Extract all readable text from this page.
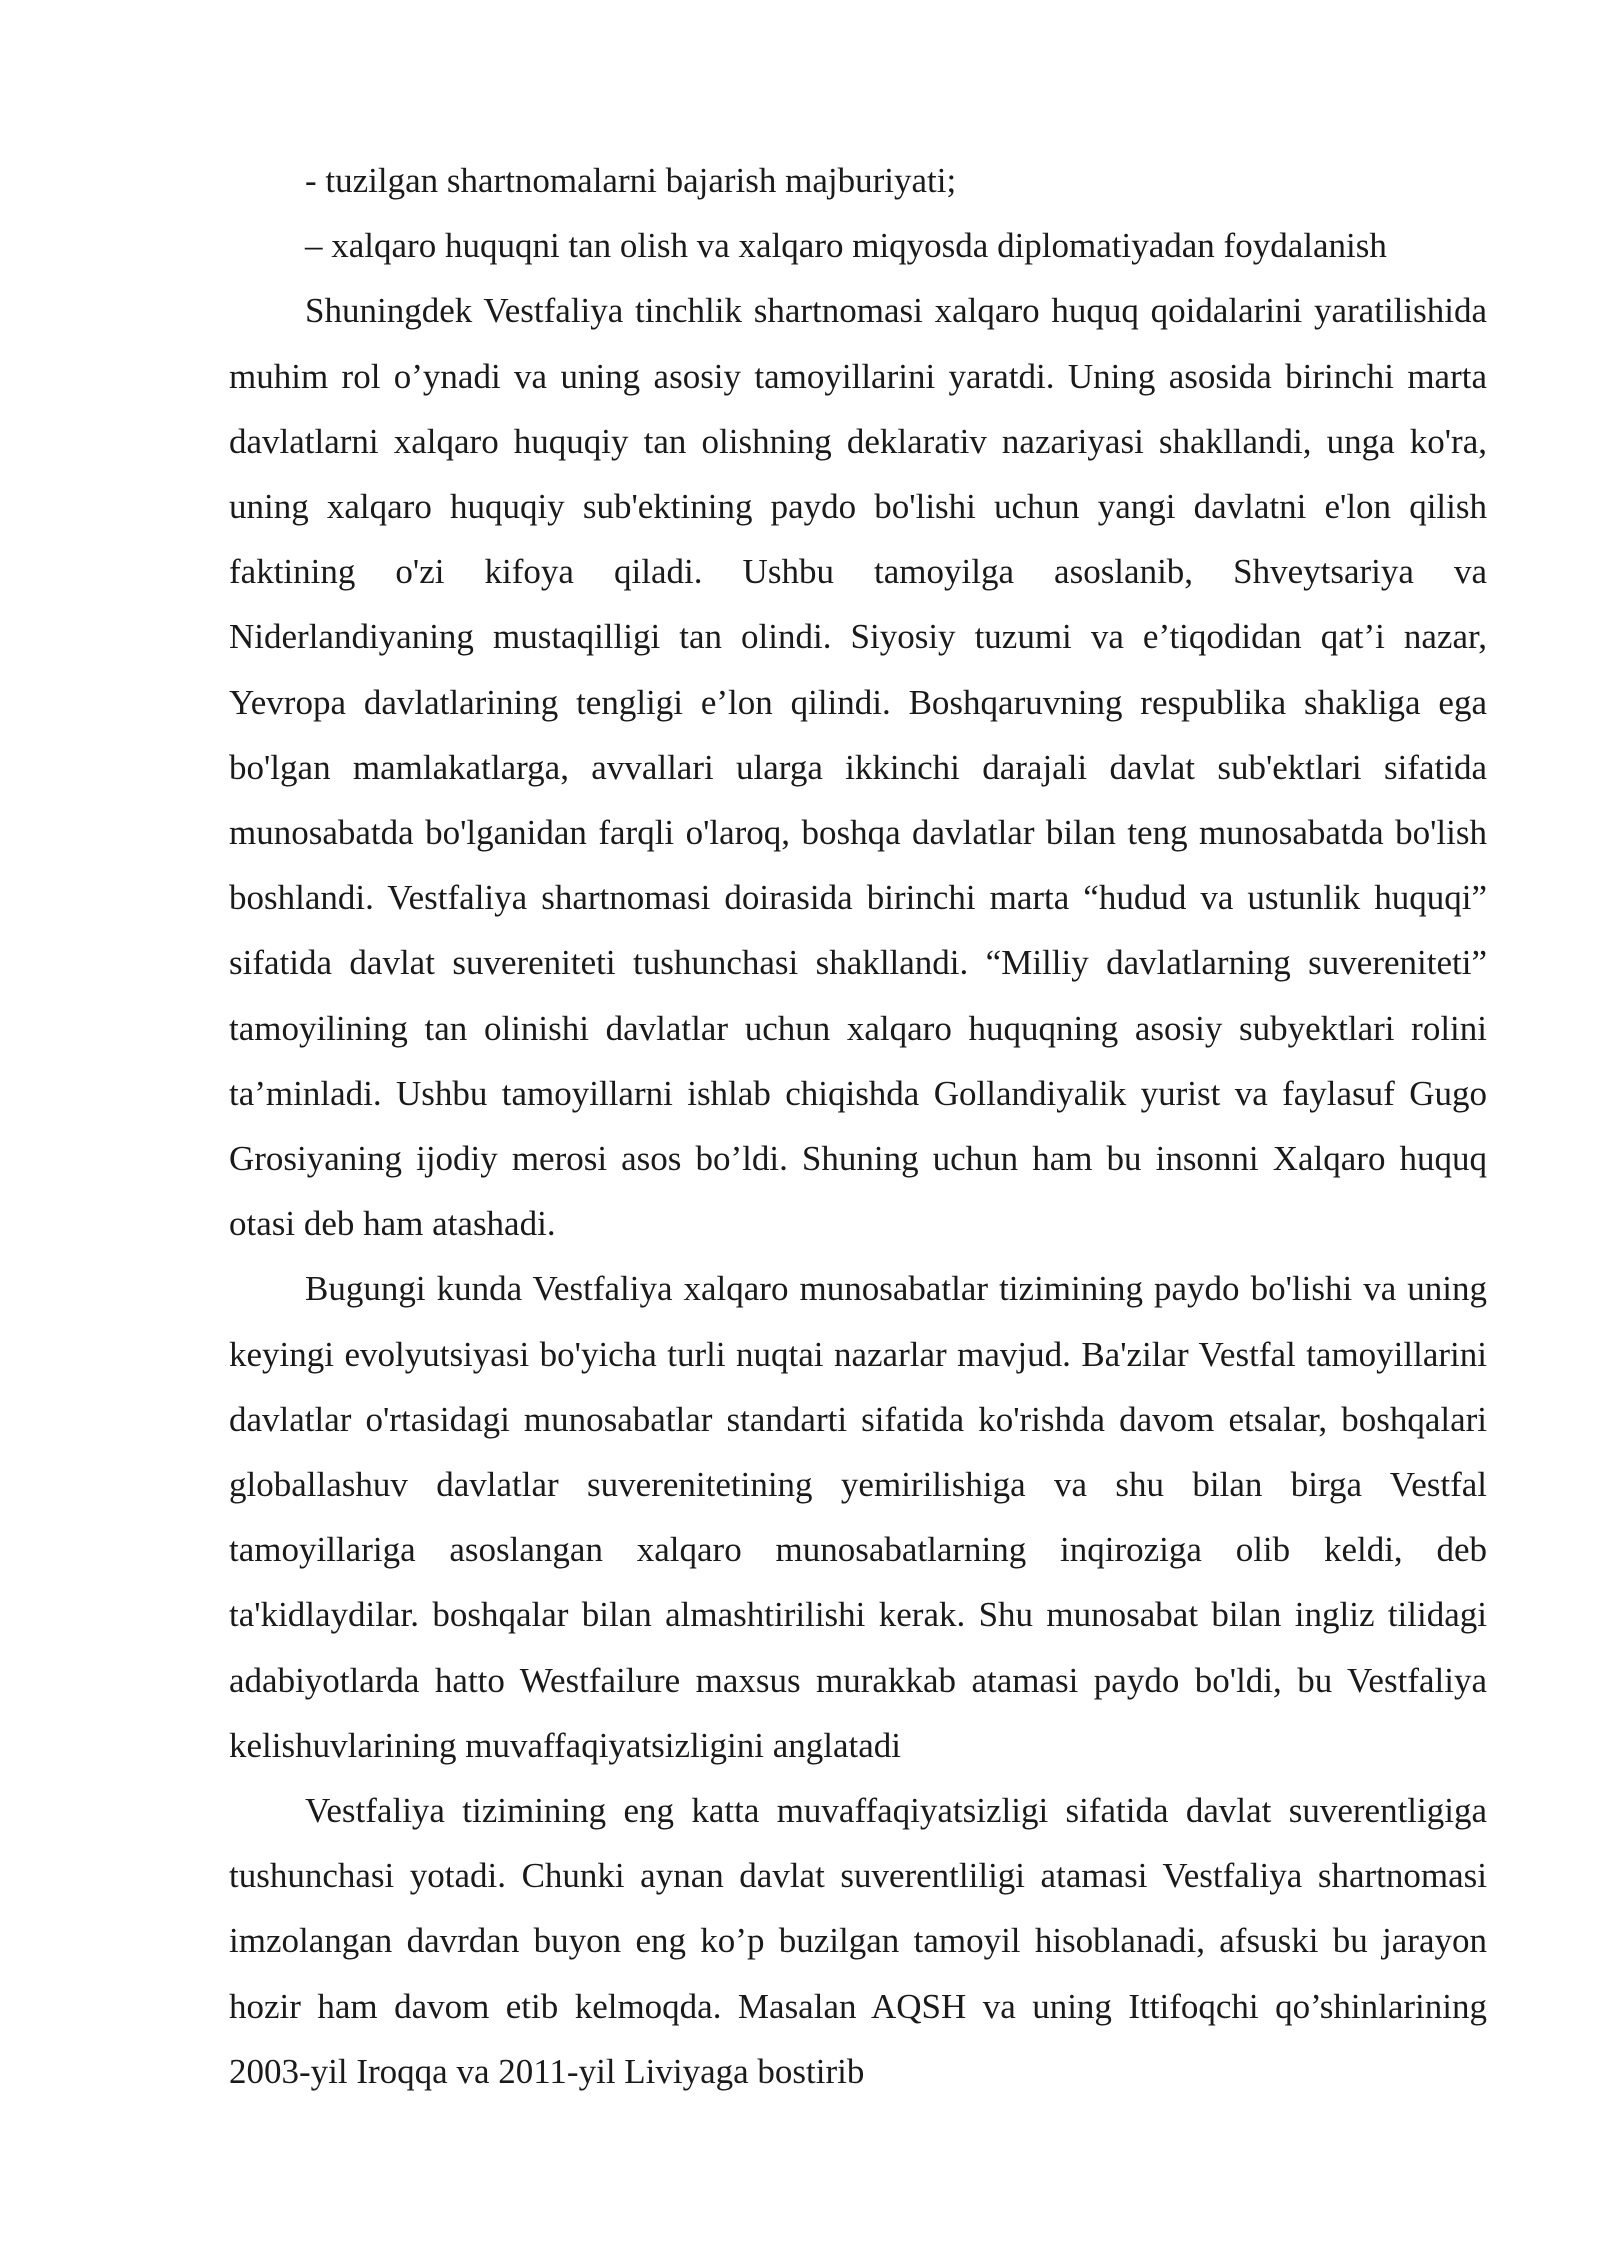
- tuzilgan shartnomalarni bajarish majburiyati;

– xalqaro huquqni tan olish va xalqaro miqyosda diplomatiyadan foydalanish

Shuningdek Vestfaliya tinchlik shartnomasi xalqaro huquq qoidalarini yaratilishida muhim rol o’ynadi va uning asosiy tamoyillarini yaratdi. Uning asosida birinchi marta davlatlarni xalqaro huquqiy tan olishning deklarativ nazariyasi shakllandi, unga ko'ra, uning xalqaro huquqiy sub'ektining paydo bo'lishi uchun yangi davlatni e'lon qilish faktining o'zi kifoya qiladi. Ushbu tamoyilga asoslanib, Shveytsariya va Niderlandiyaning mustaqilligi tan olindi. Siyosiy tuzumi va e’tiqodidan qat’i nazar, Yevropa davlatlarining tengligi e’lon qilindi. Boshqaruvning respublika shakliga ega bo'lgan mamlakatlarga, avvallari ularga ikkinchi darajali davlat sub'ektlari sifatida munosabatda bo'lganidan farqli o'laroq, boshqa davlatlar bilan teng munosabatda bo'lish boshlandi. Vestfaliya shartnomasi doirasida birinchi marta “hudud va ustunlik huquqi” sifatida davlat suvereniteti tushunchasi shakllandi. “Milliy davlatlarning suvereniteti” tamoyilining tan olinishi davlatlar uchun xalqaro huquqning asosiy subyektlari rolini ta’minladi. Ushbu tamoyillarni ishlab chiqishda Gollandiyalik yurist va faylasuf Gugo Grosiyaning ijodiy merosi asos bo’ldi. Shuning uchun ham bu insonni Xalqaro huquq otasi deb ham atashadi.

Bugungi kunda Vestfaliya xalqaro munosabatlar tizimining paydo bo'lishi va uning keyingi evolyutsiyasi bo'yicha turli nuqtai nazarlar mavjud. Ba'zilar Vestfal tamoyillarini davlatlar o'rtasidagi munosabatlar standarti sifatida ko'rishda davom etsalar, boshqalari globallashuv davlatlar suverenitetining yemirilishiga va shu bilan birga Vestfal tamoyillariga asoslangan xalqaro munosabatlarning inqiroziga olib keldi, deb ta'kidlaydilar. boshqalar bilan almashtirilishi kerak. Shu munosabat bilan ingliz tilidagi adabiyotlarda hatto Westfailure maxsus murakkab atamasi paydo bo'ldi, bu Vestfaliya kelishuvlarining muvaffaqiyatsizligini anglatadi

Vestfaliya tizimining eng katta muvaffaqiyatsizligi sifatida davlat suverentligiga tushunchasi yotadi. Chunki aynan davlat suverentliligi atamasi Vestfaliya shartnomasi imzolangan davrdan buyon eng ko’p buzilgan tamoyil hisoblanadi, afsuski bu jarayon hozir ham davom etib kelmoqda. Masalan AQSH va uning Ittifoqchi qo’shinlarining 2003-yil Iroqqa va 2011-yil Liviyaga bostirib
